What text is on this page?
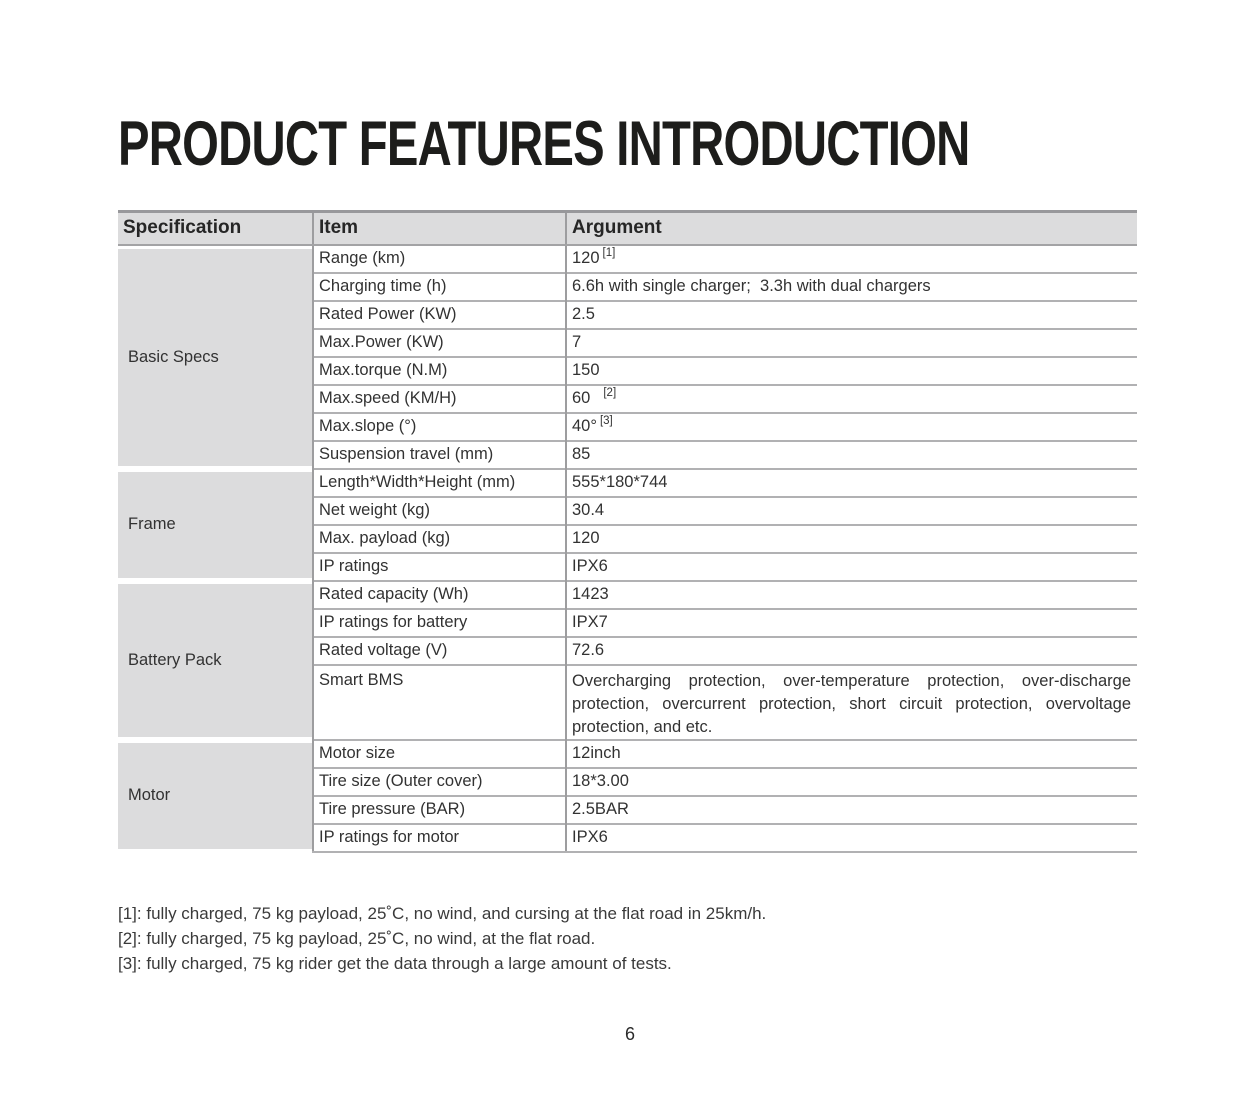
PRODUCT FEATURES INTRODUCTION
Specification	Item	Argument

Basic Specs	Range (km)	120 [1]
	Charging time (h)	6.6h with single charger;  3.3h with dual chargers
	Rated Power (KW)	2.5
	Max.Power (KW)	7
	Max.torque (N.M)	150
	Max.speed (KM/H)	60 [2]
	Max.slope (°)	40° [3]
	Suspension travel (mm)	85

Frame	Length*Width*Height (mm)	555*180*744
	Net weight (kg)	30.4
	Max. payload (kg)	120
	IP ratings	IPX6

Battery Pack	Rated capacity (Wh)	1423
	IP ratings for battery	IPX7
	Rated voltage (V)	72.6
	Smart BMS	Overcharging protection, over-temperature protection, over-discharge protection, overcurrent protection, short circuit protection, overvoltage protection, and etc.

Motor	Motor size	12inch
	Tire size (Outer cover)	18*3.00
	Tire pressure (BAR)	2.5BAR
	IP ratings for motor	IPX6
[1]: fully charged, 75 kg payload, 25˚C, no wind, and cursing at the flat road in 25km/h.
[2]: fully charged, 75 kg payload, 25˚C, no wind, at the flat road.
[3]: fully charged, 75 kg rider get the data through a large amount of tests.
6
